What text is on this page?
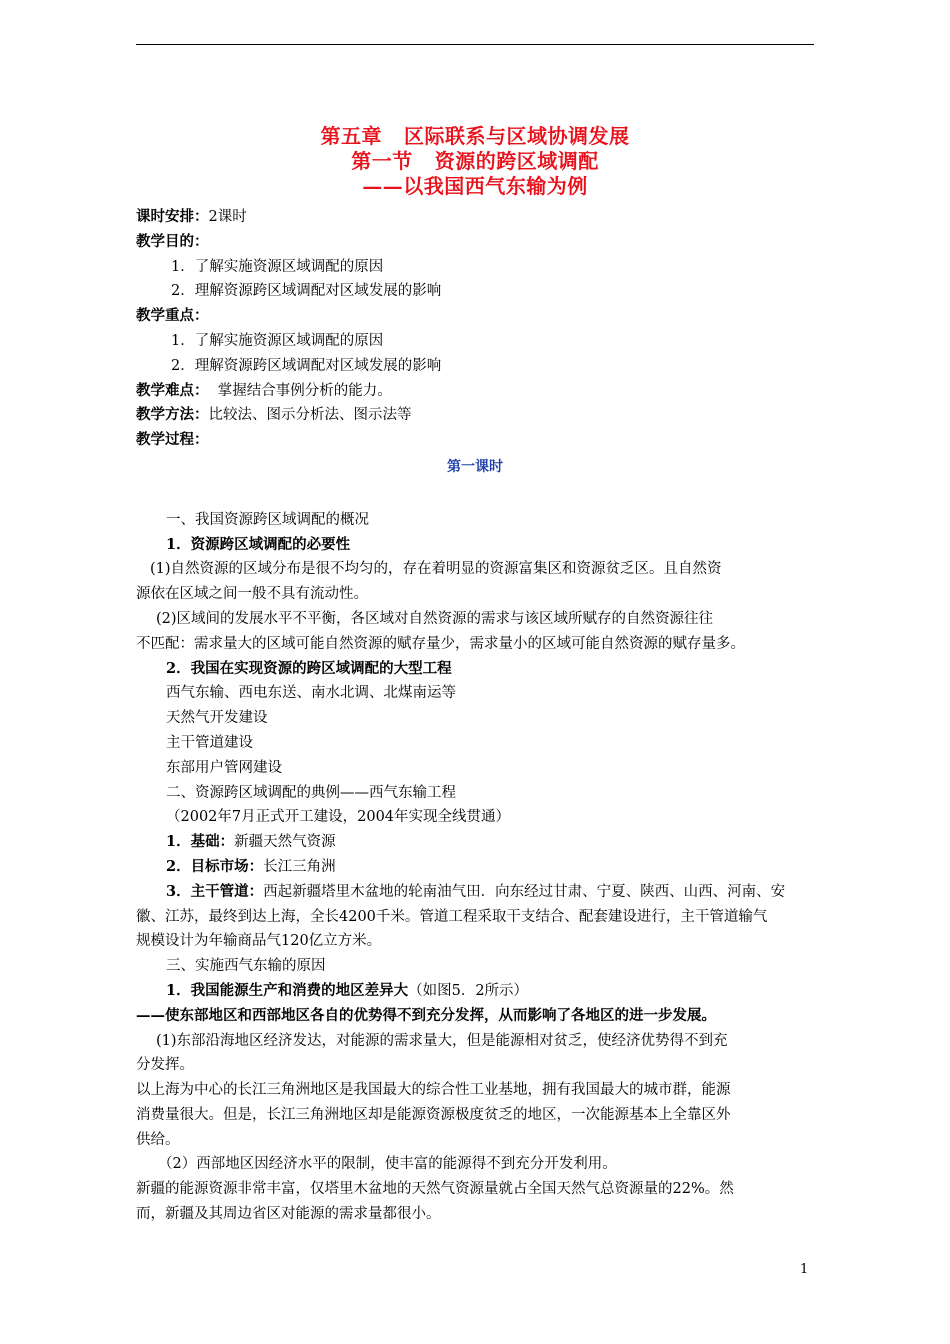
第五章 区际联系与区域协调发展
第一节 资源的跨区域调配
——以我国西气东输为例
课时安排：2课时
教学目的：
1．了解实施资源区域调配的原因
2．理解资源跨区域调配对区域发展的影响
教学重点：
1．了解实施资源区域调配的原因
2．理解资源跨区域调配对区域发展的影响
教学难点：  掌握结合事例分析的能力。
教学方法：比较法、图示分析法、图示法等
教学过程：
第一课时
一、我国资源跨区域调配的概况
1．资源跨区域调配的必要性
(1)自然资源的区域分布是很不均匀的，存在着明显的资源富集区和资源贫乏区。且自然资
源依在区域之间一般不具有流动性。
(2)区域间的发展水平不平衡，各区域对自然资源的需求与该区域所赋存的自然资源往往
不匹配：需求量大的区域可能自然资源的赋存量少，需求量小的区域可能自然资源的赋存量多。
2．我国在实现资源的跨区域调配的大型工程
西气东输、西电东送、南水北调、北煤南运等
天然气开发建设
主干管道建设
东部用户管网建设
二、资源跨区域调配的典例——西气东输工程
（2002年7月正式开工建设，2004年实现全线贯通）
1．基础：新疆天然气资源
2．目标市场：长江三角洲
3．主干管道：西起新疆塔里木盆地的轮南油气田．向东经过甘肃、宁夏、陕西、山西、河南、安
徽、江苏，最终到达上海，全长4200千米。管道工程采取干支结合、配套建设进行，主干管道输气
规模设计为年输商品气120亿立方米。
三、实施西气东输的原因
1．我国能源生产和消费的地区差异大（如图5．2所示）
——使东部地区和西部地区各自的优势得不到充分发挥，从而影响了各地区的进一步发展。
(1)东部沿海地区经济发达，对能源的需求量大，但是能源相对贫乏，使经济优势得不到充
分发挥。
以上海为中心的长江三角洲地区是我国最大的综合性工业基地，拥有我国最大的城市群，能源
消费量很大。但是，长江三角洲地区却是能源资源极度贫乏的地区，一次能源基本上全靠区外
供给。
（2）西部地区因经济水平的限制，使丰富的能源得不到充分开发利用。
新疆的能源资源非常丰富，仅塔里木盆地的天然气资源量就占全国天然气总资源量的22%。然
而，新疆及其周边省区对能源的需求量都很小。
1
